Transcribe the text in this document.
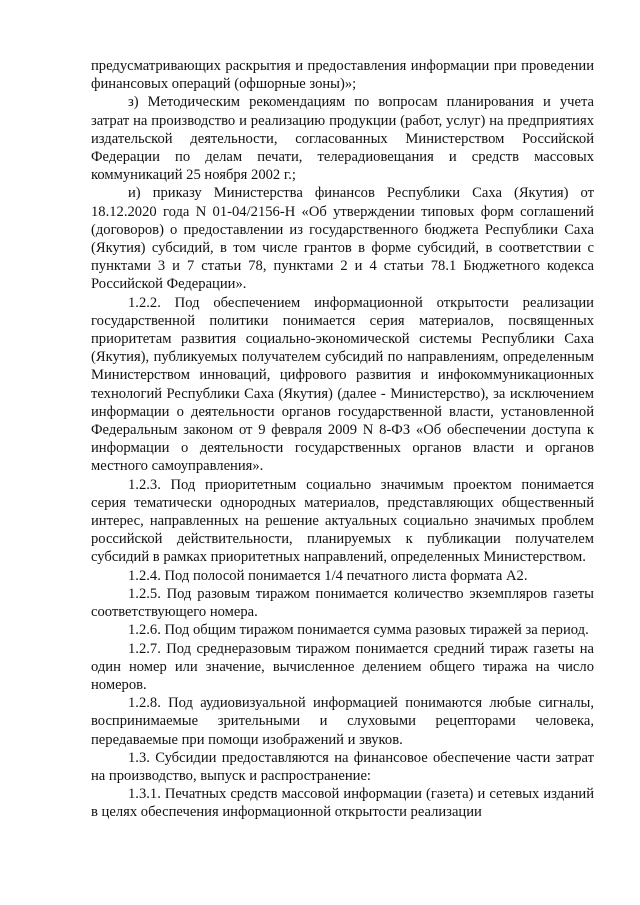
предусматривающих раскрытия и предоставления информации при проведении финансовых операций (офшорные зоны)»;

з) Методическим рекомендациям по вопросам планирования и учета затрат на производство и реализацию продукции (работ, услуг) на предприятиях издательской деятельности, согласованных Министерством Российской Федерации по делам печати, телерадиовещания и средств массовых коммуникаций 25 ноября 2002 г.;

и) приказу Министерства финансов Республики Саха (Якутия) от 18.12.2020 года N 01-04/2156-Н «Об утверждении типовых форм соглашений (договоров) о предоставлении из государственного бюджета Республики Саха (Якутия) субсидий, в том числе грантов в форме субсидий, в соответствии с пунктами 3 и 7 статьи 78, пунктами 2 и 4 статьи 78.1 Бюджетного кодекса Российской Федерации».

1.2.2. Под обеспечением информационной открытости реализации государственной политики понимается серия материалов, посвященных приоритетам развития социально-экономической системы Республики Саха (Якутия), публикуемых получателем субсидий по направлениям, определенным Министерством инноваций, цифрового развития и инфокоммуникационных технологий Республики Саха (Якутия) (далее - Министерство), за исключением информации о деятельности органов государственной власти, установленной Федеральным законом от 9 февраля 2009 N 8-ФЗ «Об обеспечении доступа к информации о деятельности государственных органов власти и органов местного самоуправления».

1.2.3. Под приоритетным социально значимым проектом понимается серия тематически однородных материалов, представляющих общественный интерес, направленных на решение актуальных социально значимых проблем российской действительности, планируемых к публикации получателем субсидий в рамках приоритетных направлений, определенных Министерством.

1.2.4. Под полосой понимается 1/4 печатного листа формата А2.

1.2.5. Под разовым тиражом понимается количество экземпляров газеты соответствующего номера.

1.2.6. Под общим тиражом понимается сумма разовых тиражей за период.

1.2.7. Под среднеразовым тиражом понимается средний тираж газеты на один номер или значение, вычисленное делением общего тиража на число номеров.

1.2.8. Под аудиовизуальной информацией понимаются любые сигналы, воспринимаемые зрительными и слуховыми рецепторами человека, передаваемые при помощи изображений и звуков.

1.3. Субсидии предоставляются на финансовое обеспечение части затрат на производство, выпуск и распространение:

1.3.1. Печатных средств массовой информации (газета) и сетевых изданий в целях обеспечения информационной открытости реализации
